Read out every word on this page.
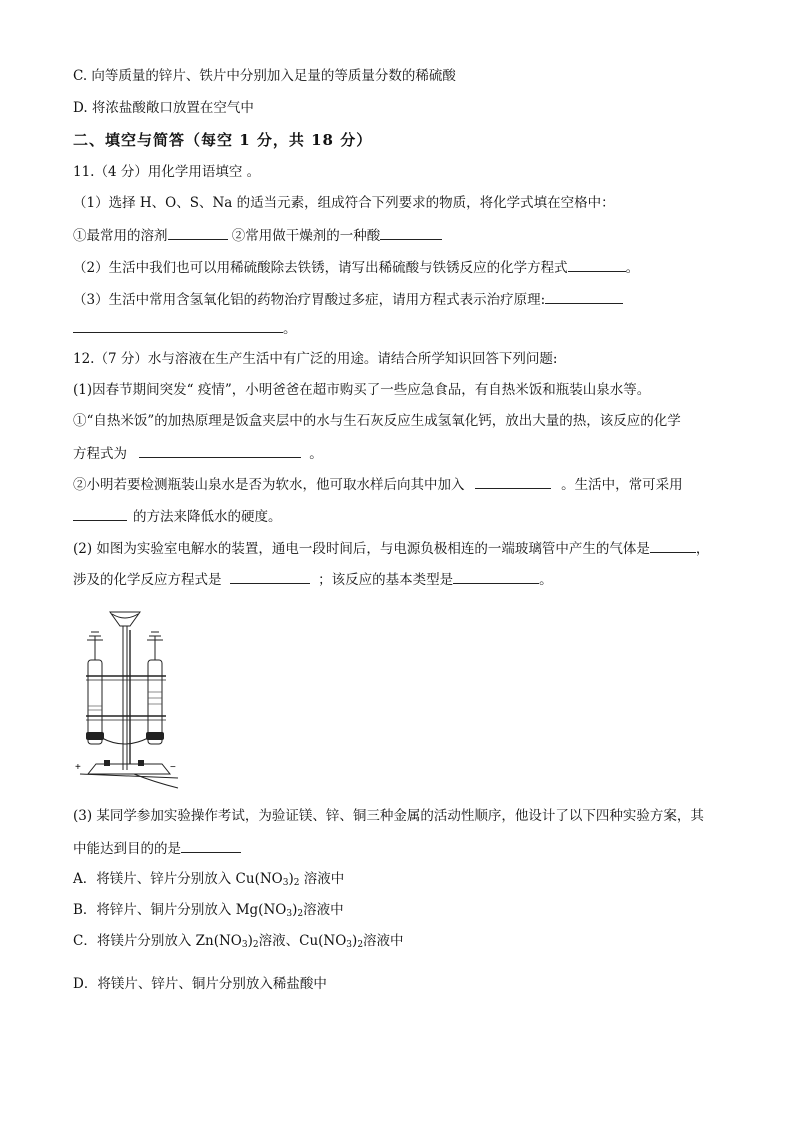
C. 向等质量的锌片、铁片中分别加入足量的等质量分数的稀硫酸
D. 将浓盐酸敞口放置在空气中
二、填空与简答（每空 1 分，共 18 分）
11.（4 分）用化学用语填空 。
（1）选择 H、O、S、Na 的适当元素，组成符合下列要求的物质，将化学式填在空格中：
①最常用的溶剂	②常用做干燥剂的一种酸
（2）生活中我们也可以用稀硫酸除去铁锈，请写出稀硫酸与铁锈反应的化学方程式	。
（3）生活中常用含氢氧化铝的药物治疗胃酸过多症，请用方程式表示治疗原理:
。
12.（7 分）水与溶液在生产生活中有广泛的用途。请结合所学知识回答下列问题:
(1)因春节期间突发“ 疫情”，小明爸爸在超市购买了一些应急食品，有自热米饭和瓶装山泉水等。
①“自热米饭”的加热原理是饭盒夹层中的水与生石灰反应生成氢氧化钙，放出大量的热，该反应的化学
方程式为	。
②小明若要检测瓶装山泉水是否为软水，他可取水样后向其中加入	。生活中，常可采用
的方法来降低水的硬度。
(2) 如图为实验室电解水的装置，通电一段时间后，与电源负极相连的一端玻璃管中产生的气体是	，
涉及的化学反应方程式是	；该反应的基本类型是	。
+	−
(3) 某同学参加实验操作考试，为验证镁、锌、铜三种金属的活动性顺序，他设计了以下四种实验方案，其
中能达到目的的是
A．将镁片、锌片分别放入 $Cu(NO_3)_2$ 溶液中
B．将锌片、铜片分别放入 $Mg(NO_3)_2$溶液中
C．将镁片分别放入 $Zn(NO_3)_2$溶液、$Cu(NO_3)_2$溶液中
D．将镁片、锌片、铜片分别放入稀盐酸中
